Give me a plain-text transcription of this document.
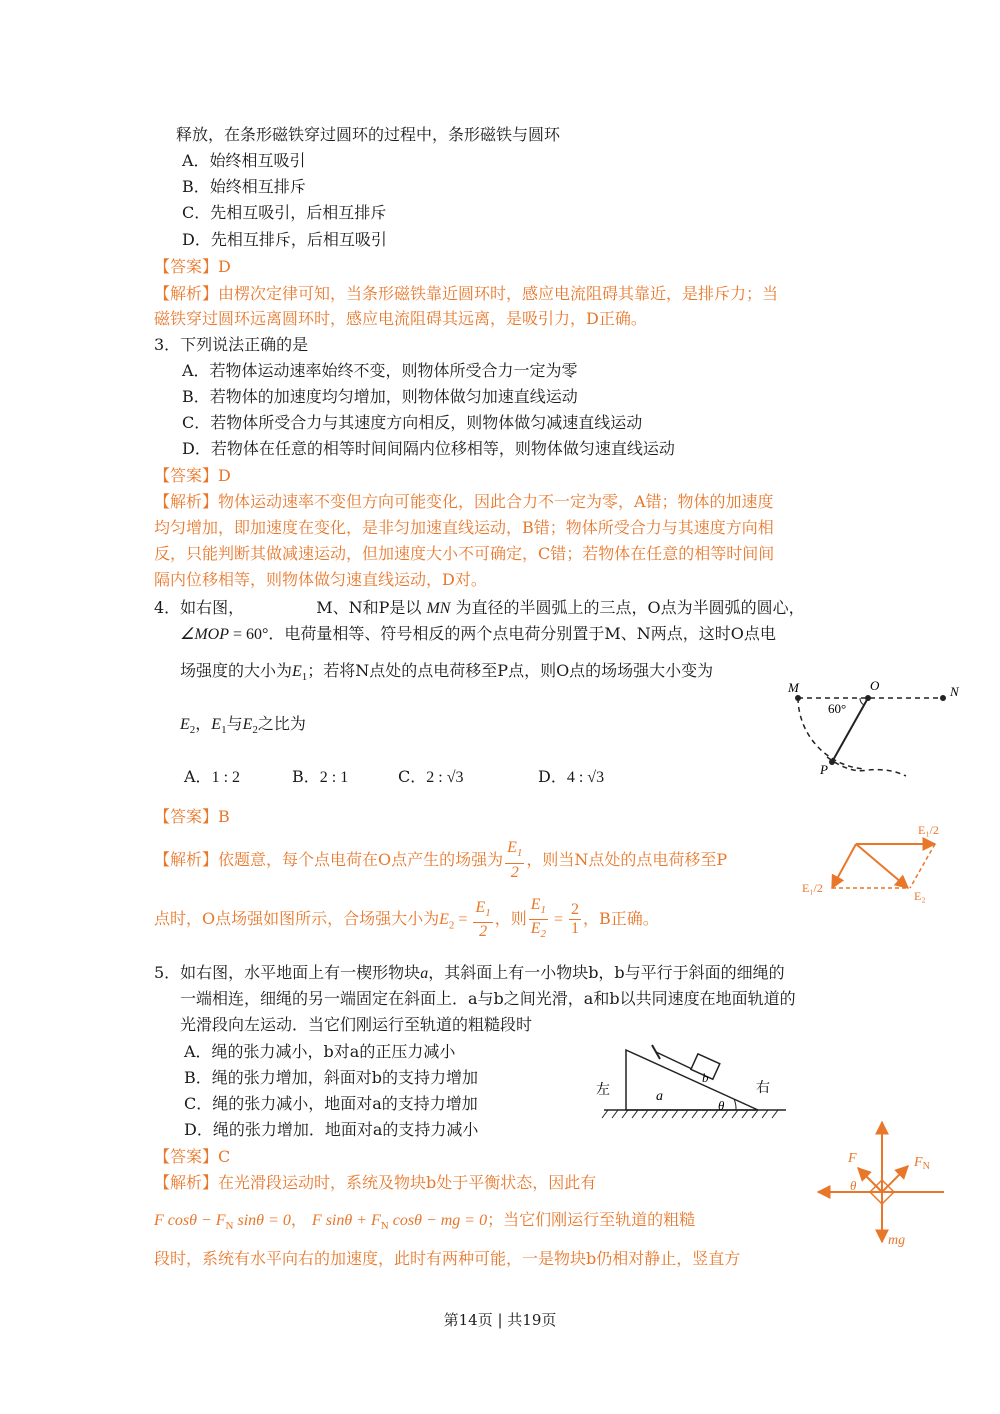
释放，在条形磁铁穿过圆环的过程中，条形磁铁与圆环
A．始终相互吸引
B．始终相互排斥
C．先相互吸引，后相互排斥
D．先相互排斥，后相互吸引
【答案】D
【解析】由楞次定律可知，当条形磁铁靠近圆环时，感应电流阻碍其靠近，是排斥力；当
磁铁穿过圆环远离圆环时，感应电流阻碍其远离，是吸引力，D正确。
3．下列说法正确的是
A．若物体运动速率始终不变，则物体所受合力一定为零
B．若物体的加速度均匀增加，则物体做匀加速直线运动
C．若物体所受合力与其速度方向相反，则物体做匀减速直线运动
D．若物体在任意的相等时间间隔内位移相等，则物体做匀速直线运动
【答案】D
【解析】物体运动速率不变但方向可能变化，因此合力不一定为零，A错；物体的加速度
均匀增加，即加速度在变化，是非匀加速直线运动，B错；物体所受合力与其速度方向相
反，只能判断其做减速运动，但加速度大小不可确定，C错；若物体在任意的相等时间间
隔内位移相等，则物体做匀速直线运动，D对。
4．如右图，	M、N和P是以 MN 为直径的半圆弧上的三点，O点为半圆弧的圆心，
∠MOP = 60°．电荷量相等、符号相反的两个点电荷分别置于M、N两点，这时O点电
场强度的大小为$E_1$；若将N点处的点电荷移至P点，则O点的场场强大小变为
$E_2$，$E_1$与$E_2$之比为
A．1 : 2	B．2 : 1	C．2 : √3	D．4 : √3
【答案】B
【解析】依题意，每个点电荷在O点产生的场强为 $\frac{E_1}{2}$ ，则当N点处的点电荷移至P
点时，O点场强如图所示，合场强大小为$E_2 = \frac{E_1}{2}$ ，则 $\frac{E_1}{E_2} = \frac{2}{1}$ ，B正确。
M	O	N
P
60°
E₁/2
E₁/2
E₂
5．如右图，水平地面上有一楔形物块a，其斜面上有一小物块b，b与平行于斜面的细绳的
一端相连，细绳的另一端固定在斜面上．a与b之间光滑，a和b以共同速度在地面轨道的
光滑段向左运动．当它们刚运行至轨道的粗糙段时
A．绳的张力减小，b对a的正压力减小
B．绳的张力增加，斜面对b的支持力增加
C．绳的张力减小，地面对a的支持力增加
D．绳的张力增加．地面对a的支持力减小
【答案】C
【解析】在光滑段运动时，系统及物块b处于平衡状态，因此有
F $\cos\theta - F_N$ sinθ = 0， F $\sin\theta + F_N$ cosθ − mg = 0；当它们刚运行至轨道的粗糙
段时，系统有水平向右的加速度，此时有两种可能，一是物块b仍相对静止，竖直方
左	右
a
b
θ
F	$F_N$
θ
mg
第14页 | 共19页
